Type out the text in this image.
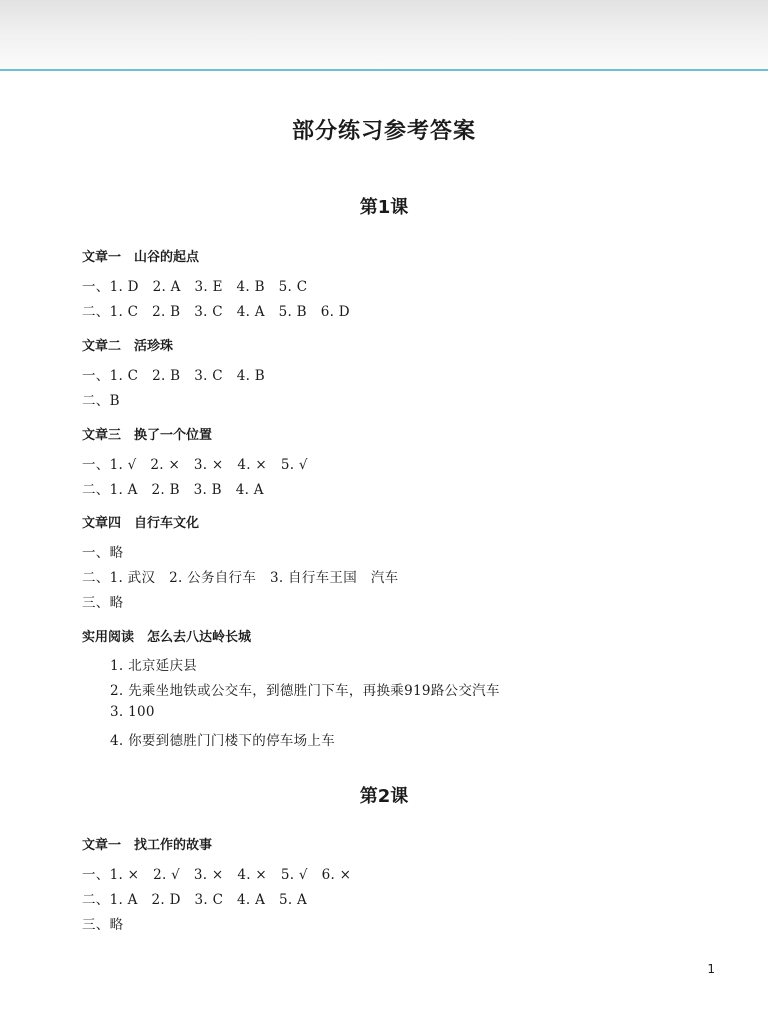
部分练习参考答案
第1课
文章一　山谷的起点
一、1. D　2. A　3. E　4. B　5. C
二、1. C　2. B　3. C　4. A　5. B　6. D
文章二　活珍珠
一、1. C　2. B　3. C　4. B
二、B
文章三　换了一个位置
一、1. √　2. ×　3. ×　4. ×　5. √
二、1. A　2. B　3. B　4. A
文章四　自行车文化
一、略
二、1. 武汉　2. 公务自行车　3. 自行车王国　汽车
三、略
实用阅读　怎么去八达岭长城
1. 北京延庆县
2. 先乘坐地铁或公交车，到德胜门下车，再换乘919路公交汽车
3. 100
4. 你要到德胜门门楼下的停车场上车
第2课
文章一　找工作的故事
一、1. ×　2. √　3. ×　4. ×　5. √　6. ×
二、1. A　2. D　3. C　4. A　5. A
三、略
1
